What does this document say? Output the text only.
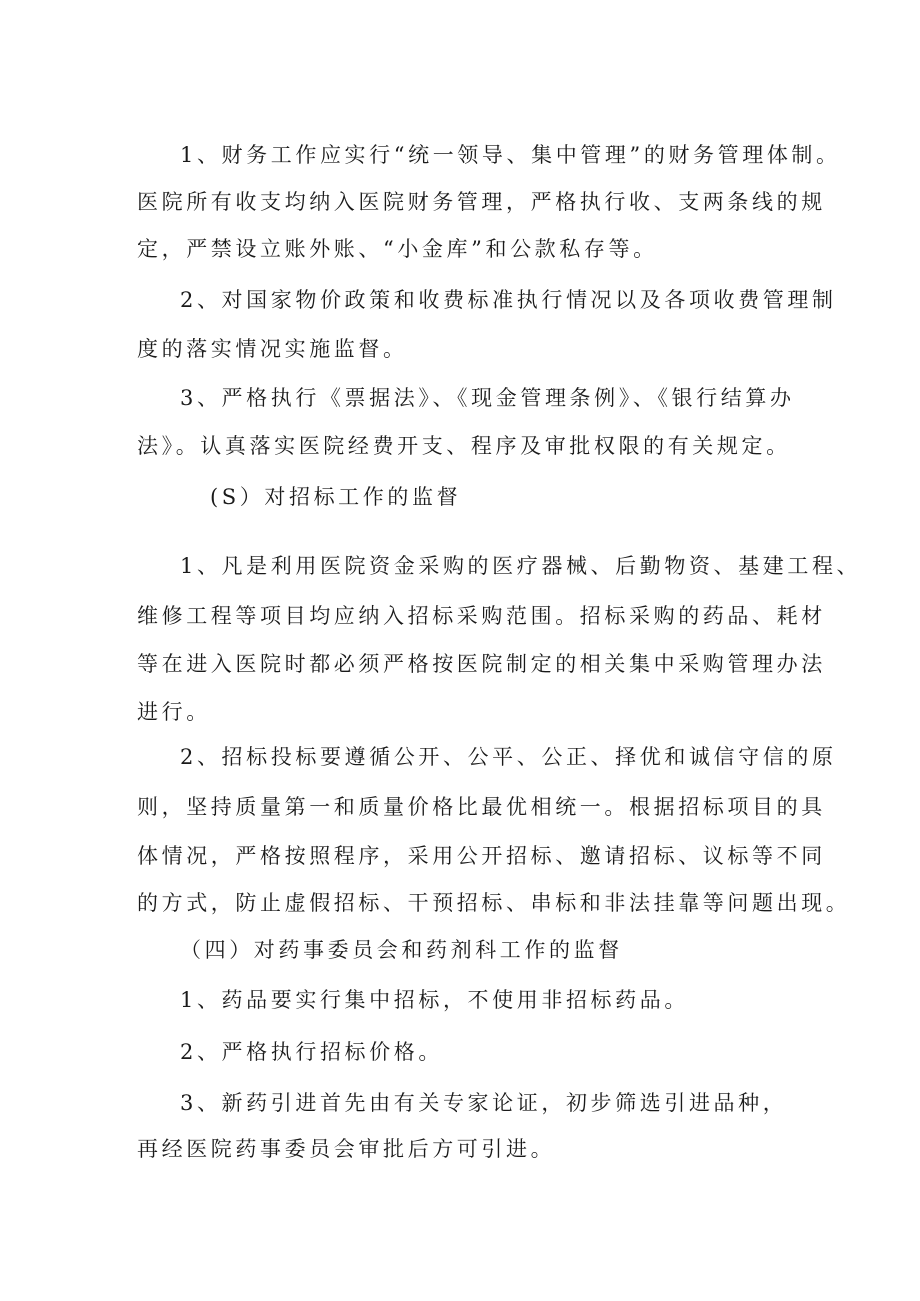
1、财务工作应实行“统一领导、集中管理”的财务管理体制。
医院所有收支均纳入医院财务管理，严格执行收、支两条线的规
定，严禁设立账外账、“小金库”和公款私存等。
2、对国家物价政策和收费标准执行情况以及各项收费管理制
度的落实情况实施监督。
3、严格执行《票据法》、《现金管理条例》、《银行结算办
法》。认真落实医院经费开支、程序及审批权限的有关规定。
(S）对招标工作的监督
1、凡是利用医院资金采购的医疗器械、后勤物资、基建工程、
维修工程等项目均应纳入招标采购范围。招标采购的药品、耗材
等在进入医院时都必须严格按医院制定的相关集中采购管理办法
进行。
2、招标投标要遵循公开、公平、公正、择优和诚信守信的原
则，坚持质量第一和质量价格比最优相统一。根据招标项目的具
体情况，严格按照程序，采用公开招标、邀请招标、议标等不同
的方式，防止虚假招标、干预招标、串标和非法挂靠等问题出现。
（四）对药事委员会和药剂科工作的监督
1、药品要实行集中招标，不使用非招标药品。
2、严格执行招标价格。
3、新药引进首先由有关专家论证，初步筛选引进品种，
再经医院药事委员会审批后方可引进。
